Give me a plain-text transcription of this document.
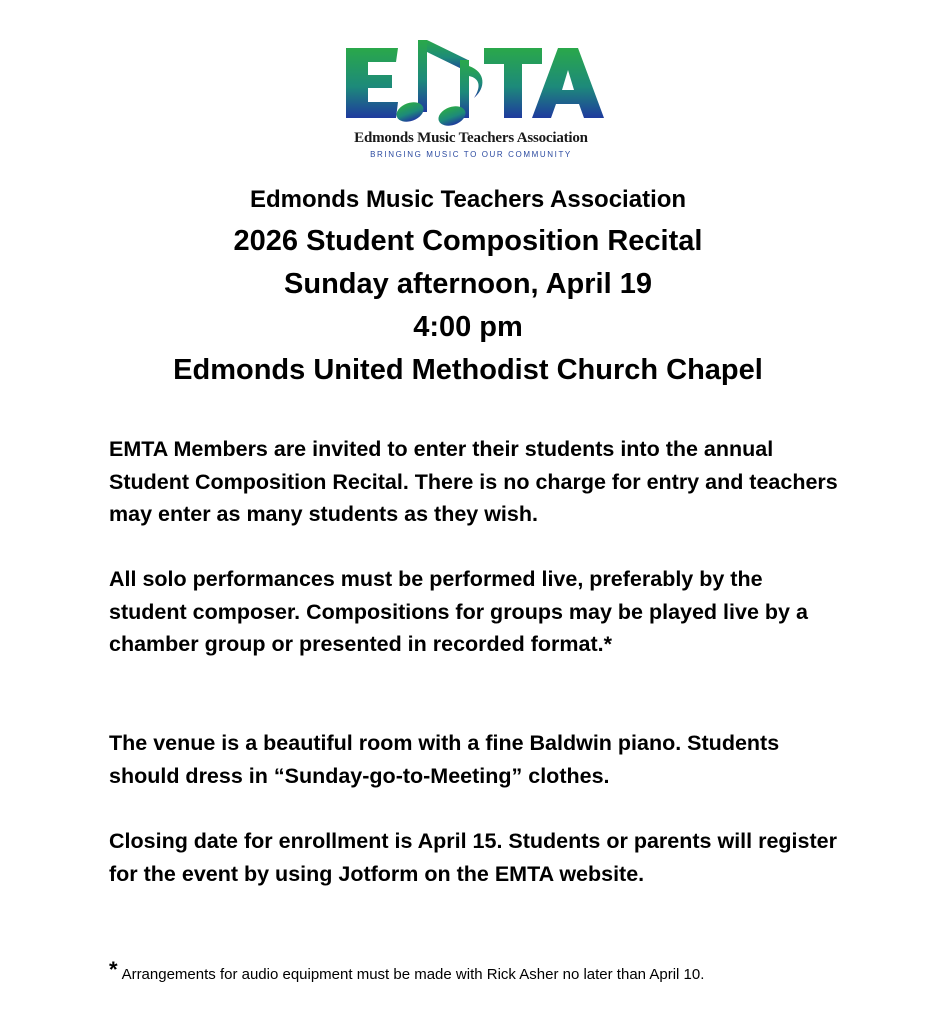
Edmonds Music Teachers Association
BRINGING MUSIC TO OUR COMMUNITY
Edmonds Music Teachers Association
2026 Student Composition Recital
Sunday afternoon, April 19
4:00 pm
Edmonds United Methodist Church Chapel

EMTA Members are invited to enter their students into the annual Student Composition Recital. There is no charge for entry and teachers may enter as many students as they wish.

All solo performances must be performed live, preferably by the student composer. Compositions for groups may be played live by a chamber group or presented in recorded format.*

The venue is a beautiful room with a fine Baldwin piano. Students should dress in “Sunday-go-to-Meeting” clothes.

Closing date for enrollment is April 15. Students or parents will register for the event by using Jotform on the EMTA website.

* Arrangements for audio equipment must be made with Rick Asher no later than April 10.
